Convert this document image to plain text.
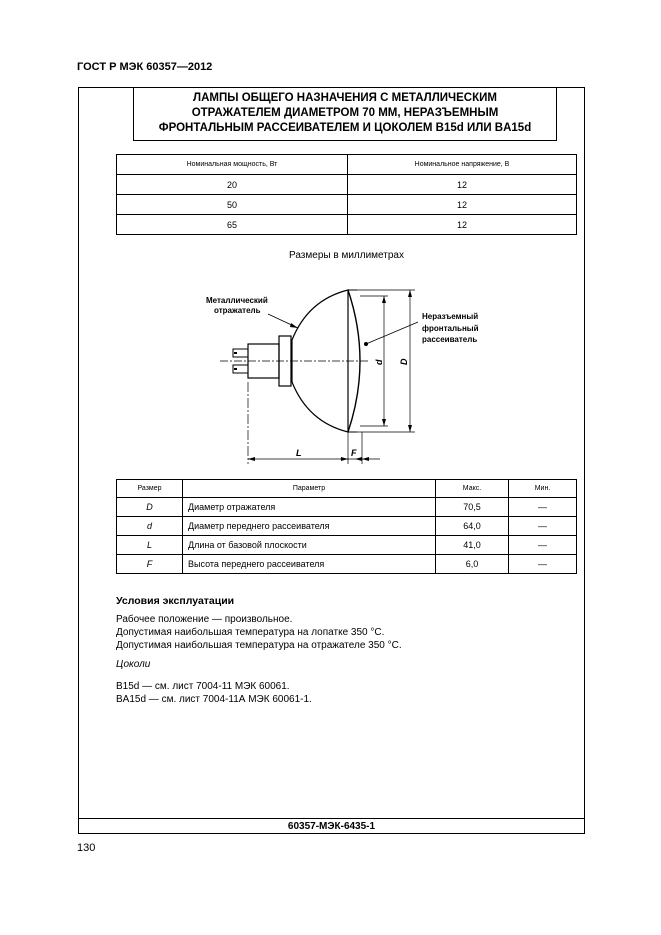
ГОСТ Р МЭК 60357—2012
ЛАМПЫ ОБЩЕГО НАЗНАЧЕНИЯ С МЕТАЛЛИЧЕСКИМ
ОТРАЖАТЕЛЕМ ДИАМЕТРОМ 70 ММ, НЕРАЗЪЕМНЫМ
ФРОНТАЛЬНЫМ РАССЕИВАТЕЛЕМ И ЦОКОЛЕМ B15d ИЛИ BA15d
Номинальная мощность, Вт	Номинальное напряжение, В
20	12
50	12
65	12
Размеры в миллиметрах
Металлический
отражатель
Неразъемный
фронтальный
рассеиватель
L	F
d D
Размер	Параметр	Макс.	Мин.
D	Диаметр отражателя	70,5	—
d	Диаметр переднего рассеивателя	64,0	—
L	Длина от базовой плоскости	41,0	—
F	Высота переднего рассеивателя	6,0	—
Условия эксплуатации
Рабочее положение — произвольное.
Допустимая наибольшая температура на лопатке 350 °С.
Допустимая наибольшая температура на отражателе 350 °С.
Цоколи
B15d — см. лист 7004-11 МЭК 60061.
BA15d — см. лист 7004-11А МЭК 60061-1.
60357-МЭК-6435-1
130
